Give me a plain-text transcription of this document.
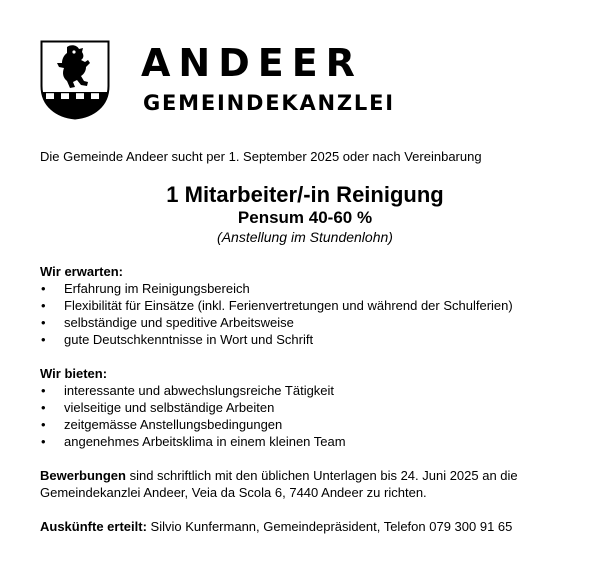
ANDEER
GEMEINDEKANZLEI

Die Gemeinde Andeer sucht per 1. September 2025 oder nach Vereinbarung

1 Mitarbeiter/-in Reinigung
Pensum 40-60 %
(Anstellung im Stundenlohn)
Wir erwarten:
• Erfahrung im Reinigungsbereich
• Flexibilität für Einsätze (inkl. Ferienvertretungen und während der Schulferien)
• selbständige und speditive Arbeitsweise
• gute Deutschkenntnisse in Wort und Schrift
Wir bieten:
• interessante und abwechslungsreiche Tätigkeit
• vielseitige und selbständige Arbeiten
• zeitgemässe Anstellungsbedingungen
• angenehmes Arbeitsklima in einem kleinen Team
Bewerbungen sind schriftlich mit den üblichen Unterlagen bis 24. Juni 2025 an die
Gemeindekanzlei Andeer, Veia da Scola 6, 7440 Andeer zu richten.
Auskünfte erteilt: Silvio Kunfermann, Gemeindepräsident, Telefon 079 300 91 65
